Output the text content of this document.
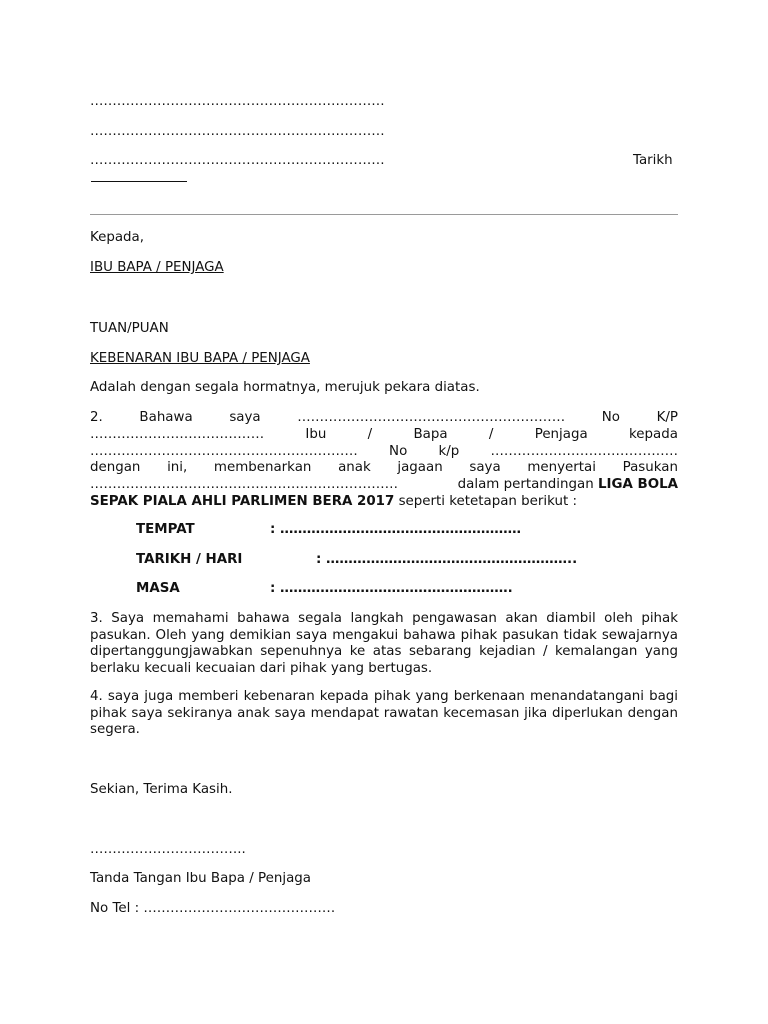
…………………………………………………………
…………………………………………………………
…………………………………………………………	Tarikh
Kepada,
IBU BAPA / PENJAGA
TUAN/PUAN
KEBENARAN IBU BAPA / PENJAGA
Adalah dengan segala hormatnya, merujuk pekara diatas.
2.	Bahawa	saya	……………………………………………………	No	K/P
…………………………………	Ibu	/	Bapa	/	Penjaga	kepada
…………………………………………………… No k/p ……………………………………
dengan ini, membenarkan anak jagaan saya menyertai Pasukan
……………………………………………………………	dalam pertandingan LIGA BOLA
SEPAK PIALA AHLI PARLIMEN BERA 2017 seperti ketetapan berikut :
TEMPAT	: ………………………………………………
TARIKH / HARI	: ………………………………………………..
MASA	: …………………………………………….
3. Saya memahami bahawa segala langkah pengawasan akan diambil oleh pihak pasukan. Oleh yang demikian saya mengakui bahawa pihak pasukan tidak sewajarnya dipertanggungjawabkan sepenuhnya ke atas sebarang kejadian / kemalangan yang berlaku kecuali kecuaian dari pihak yang bertugas.
4. saya juga memberi kebenaran kepada pihak yang berkenaan menandatangani bagi pihak saya sekiranya anak saya mendapat rawatan kecemasan jika diperlukan dengan segera.
Sekian, Terima Kasih.
……………………………..
Tanda Tangan Ibu Bapa / Penjaga
No Tel : …………………………………….
